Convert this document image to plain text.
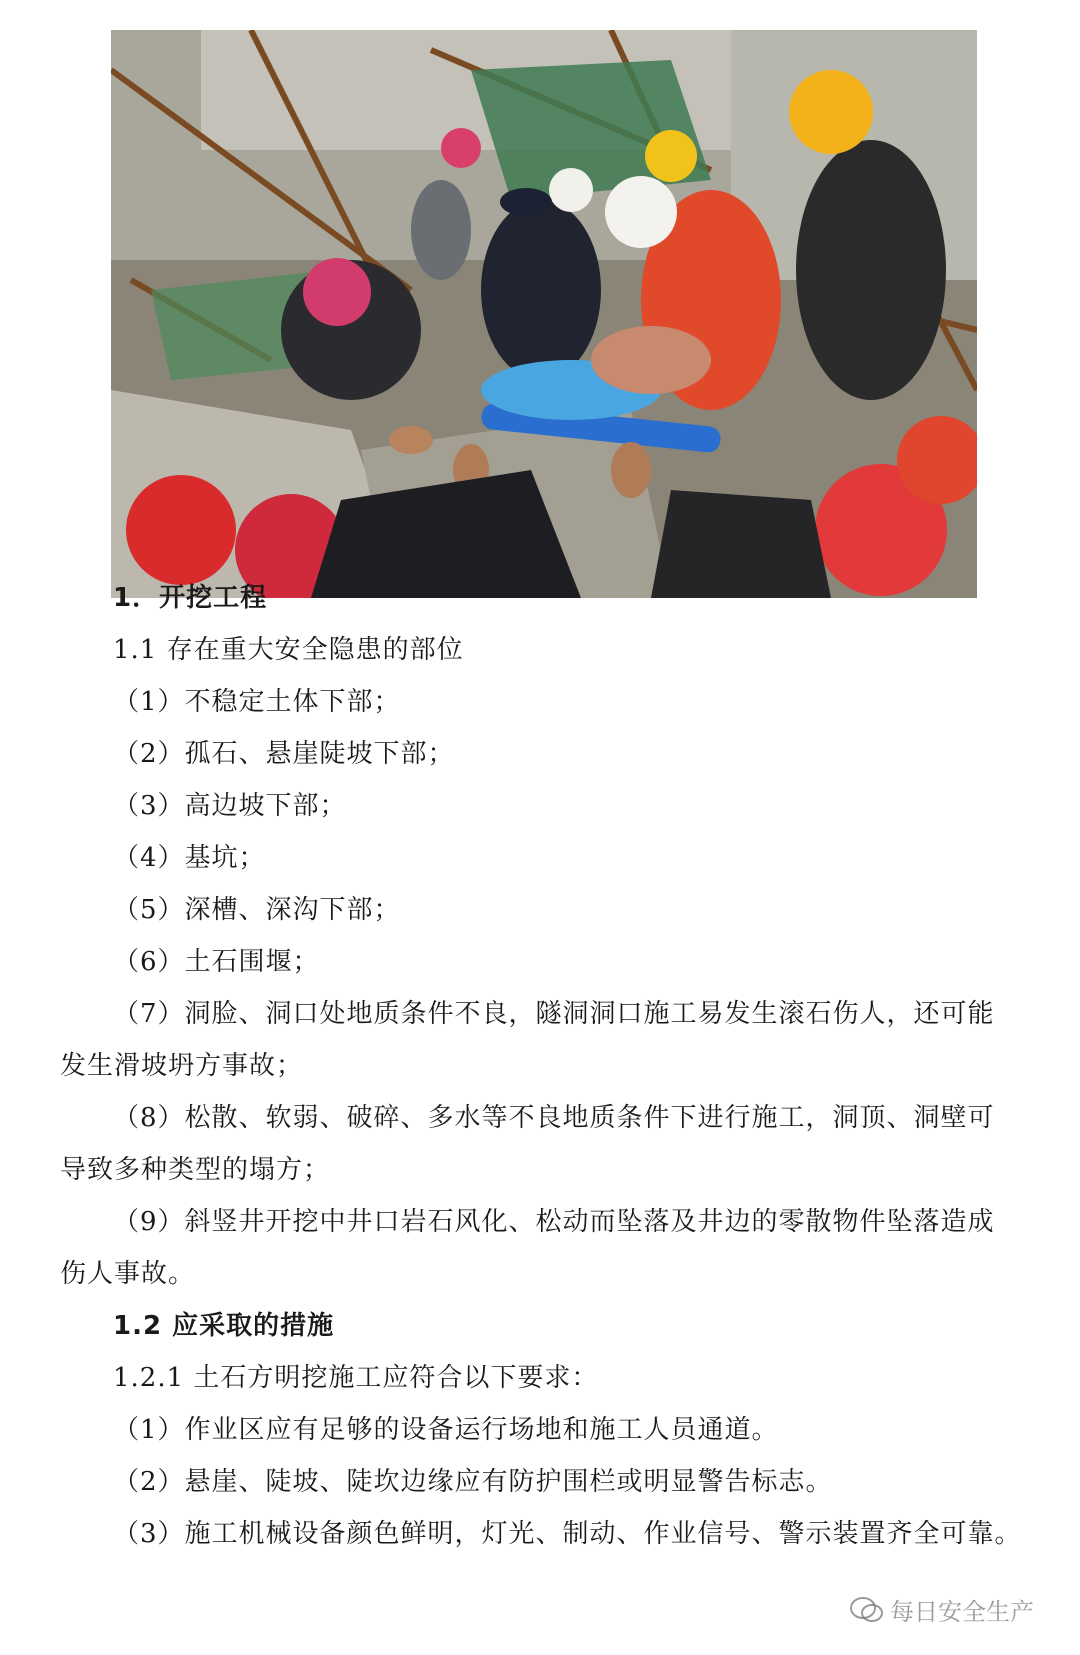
1．开挖工程
1.1 存在重大安全隐患的部位
（1）不稳定土体下部；
（2）孤石、悬崖陡坡下部；
（3）高边坡下部；
（4）基坑；
（5）深槽、深沟下部；
（6）土石围堰；
（7）洞脸、洞口处地质条件不良，隧洞洞口施工易发生滚石伤人，还可能
发生滑坡坍方事故；
（8）松散、软弱、破碎、多水等不良地质条件下进行施工，洞顶、洞壁可
导致多种类型的塌方；
（9）斜竖井开挖中井口岩石风化、松动而坠落及井边的零散物件坠落造成
伤人事故。
1.2 应采取的措施
1.2.1 土石方明挖施工应符合以下要求：
（1）作业区应有足够的设备运行场地和施工人员通道。
（2）悬崖、陡坡、陡坎边缘应有防护围栏或明显警告标志。
（3）施工机械设备颜色鲜明，灯光、制动、作业信号、警示装置齐全可靠。
每日安全生产
